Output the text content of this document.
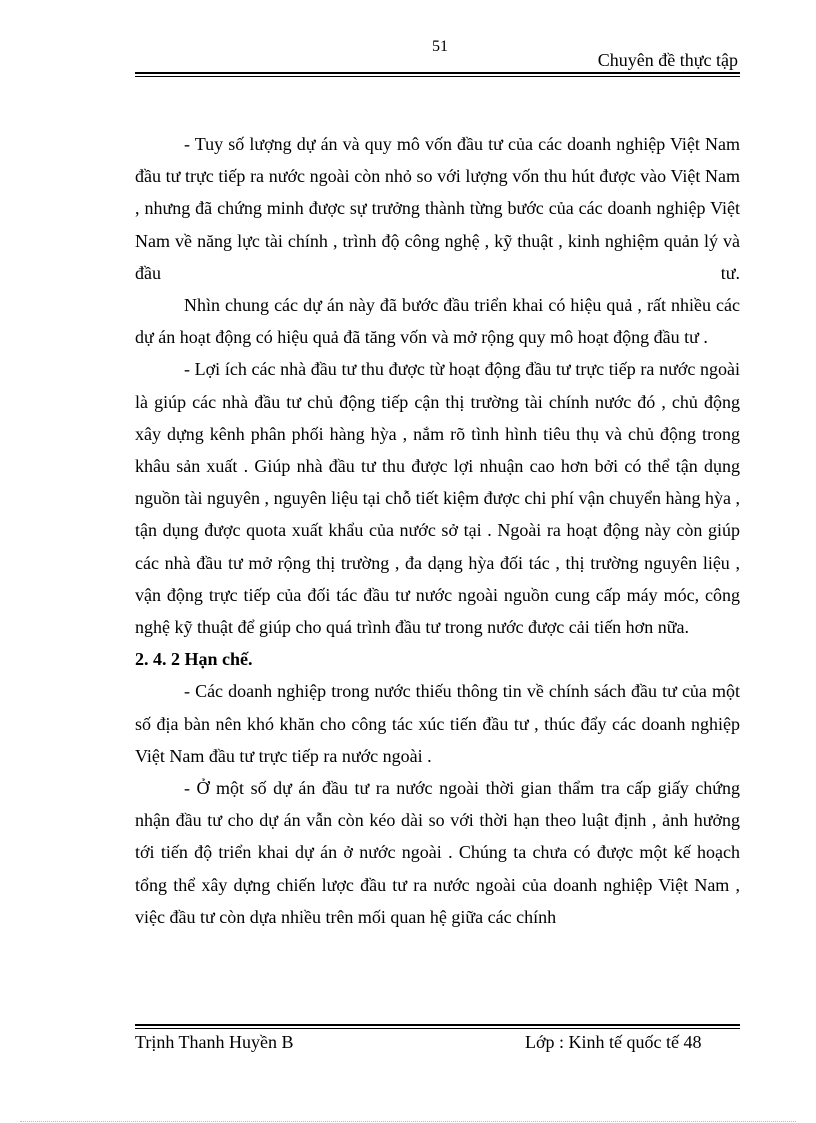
51
Chuyên đề thực tập

- Tuy số lượng dự án và quy mô vốn đầu tư của các doanh nghiệp Việt Nam đầu tư trực tiếp ra nước ngoài còn nhỏ so với lượng vốn thu hút được vào Việt Nam , nhưng đã chứng minh được sự trưởng thành từng bước của các doanh nghiệp Việt Nam về năng lực tài chính , trình độ công nghệ , kỹ thuật , kinh nghiệm quản lý và đầu tư.

Nhìn chung các dự án này đã bước đầu triển khai có hiệu quả , rất nhiều các dự án hoạt động có hiệu quả đã tăng vốn và mở rộng quy mô hoạt động đầu tư .

- Lợi ích các nhà đầu tư thu được từ hoạt động đầu tư trực tiếp ra nước ngoài là giúp các nhà đầu tư chủ động tiếp cận thị trường tài chính nước đó , chủ động xây dựng kênh phân phối hàng hỳa , nắm rõ tình hình tiêu thụ và chủ động trong khâu sản xuất . Giúp nhà đầu tư thu được lợi nhuận cao hơn bởi có thể tận dụng nguồn tài nguyên , nguyên liệu tại chỗ tiết kiệm được chi phí vận chuyển hàng hỳa , tận dụng được quota xuất khẩu của nước sở tại . Ngoài ra hoạt động này còn giúp các nhà đầu tư mở rộng thị trường , đa dạng hỳa đối tác , thị trường nguyên liệu , vận động trực tiếp của đối tác đầu tư nước ngoài nguồn cung cấp máy móc, công nghệ kỹ thuật để giúp cho quá trình đầu tư trong nước được cải tiến hơn nữa.

2. 4. 2 Hạn chế.

- Các doanh nghiệp trong nước thiếu thông tin về chính sách đầu tư của một số địa bàn nên khó khăn cho công tác xúc tiến đầu tư , thúc đẩy các doanh nghiệp Việt Nam đầu tư trực tiếp ra nước ngoài .

- Ở một số dự án đầu tư ra nước ngoài thời gian thẩm tra cấp giấy chứng nhận đầu tư cho dự án vẫn còn kéo dài so với thời hạn theo luật định , ảnh hưởng tới tiến độ triển khai dự án ở nước ngoài . Chúng ta chưa có được một kế hoạch tổng thể xây dựng chiến lược đầu tư ra nước ngoài của doanh nghiệp Việt Nam , việc đầu tư còn dựa nhiều trên mối quan hệ giữa các chính

Trịnh Thanh Huyền B	Lớp : Kinh tế quốc tế 48
